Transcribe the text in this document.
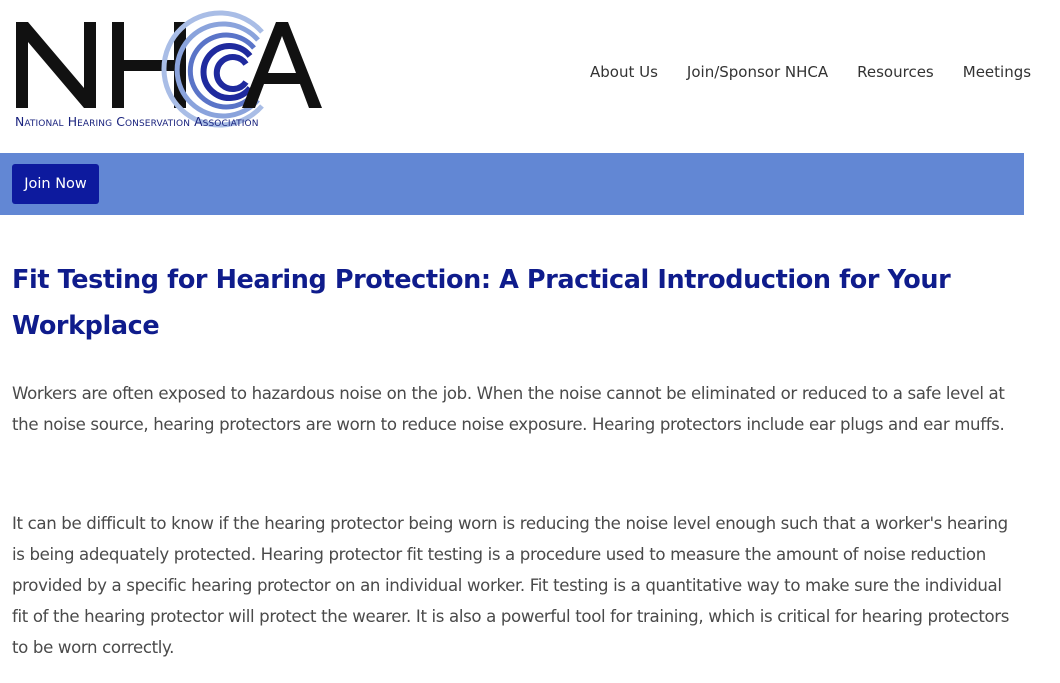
National Hearing Conservation Association
About Us Join/Sponsor NHCA Resources Meetings
Join Now
Fit Testing for Hearing Protection: A Practical Introduction for Your Workplace

Workers are often exposed to hazardous noise on the job. When the noise cannot be eliminated or reduced to a safe level at the noise source, hearing protectors are worn to reduce noise exposure. Hearing protectors include ear plugs and ear muffs.

It can be difficult to know if the hearing protector being worn is reducing the noise level enough such that a worker's hearing is being adequately protected. Hearing protector fit testing is a procedure used to measure the amount of noise reduction provided by a specific hearing protector on an individual worker. Fit testing is a quantitative way to make sure the individual fit of the hearing protector will protect the wearer. It is also a powerful tool for training, which is critical for hearing protectors to be worn correctly.
